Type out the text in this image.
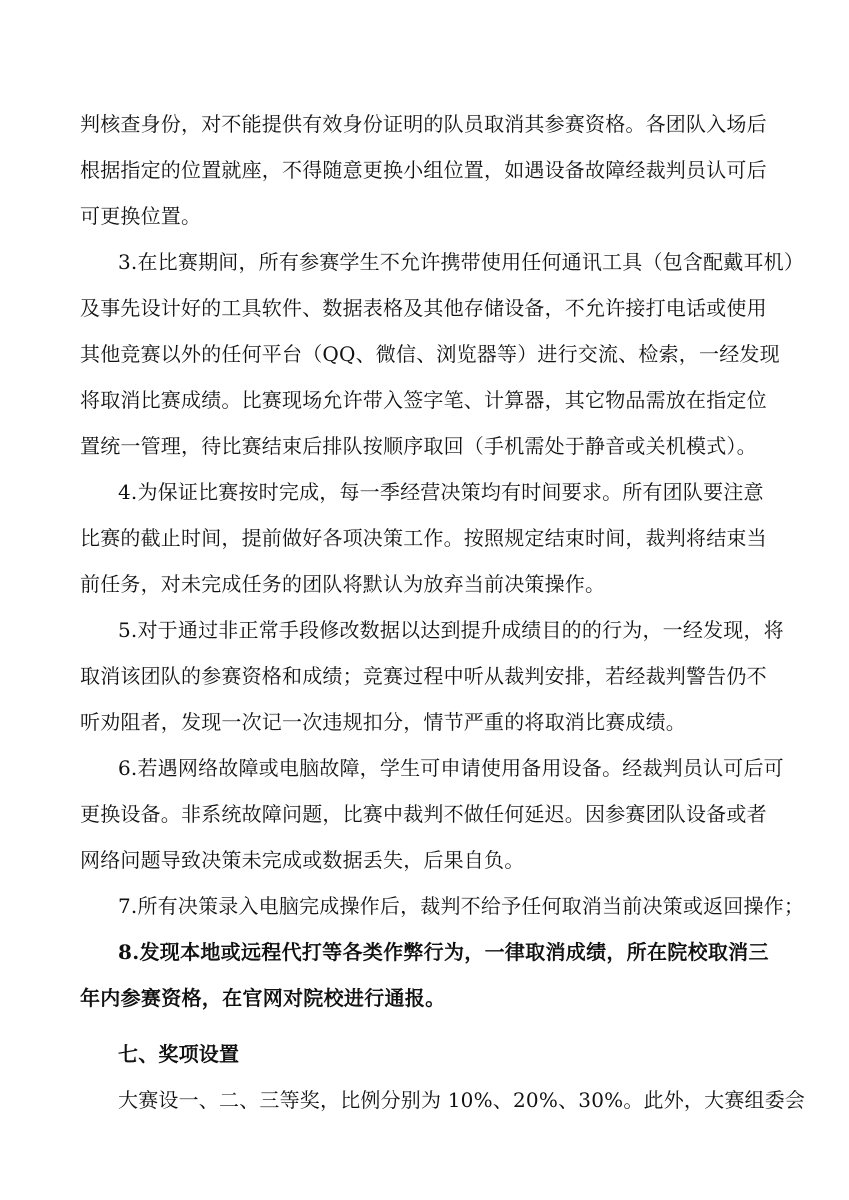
判核查身份，对不能提供有效身份证明的队员取消其参赛资格。各团队入场后
根据指定的位置就座，不得随意更换小组位置，如遇设备故障经裁判员认可后
可更换位置。
3.在比赛期间，所有参赛学生不允许携带使用任何通讯工具（包含配戴耳机）
及事先设计好的工具软件、数据表格及其他存储设备，不允许接打电话或使用
其他竞赛以外的任何平台（QQ、微信、浏览器等）进行交流、检索，一经发现
将取消比赛成绩。比赛现场允许带入签字笔、计算器，其它物品需放在指定位
置统一管理，待比赛结束后排队按顺序取回（手机需处于静音或关机模式）。
4.为保证比赛按时完成，每一季经营决策均有时间要求。所有团队要注意
比赛的截止时间，提前做好各项决策工作。按照规定结束时间，裁判将结束当
前任务，对未完成任务的团队将默认为放弃当前决策操作。
5.对于通过非正常手段修改数据以达到提升成绩目的的行为，一经发现，将
取消该团队的参赛资格和成绩；竞赛过程中听从裁判安排，若经裁判警告仍不
听劝阻者，发现一次记一次违规扣分，情节严重的将取消比赛成绩。
6.若遇网络故障或电脑故障，学生可申请使用备用设备。经裁判员认可后可
更换设备。非系统故障问题，比赛中裁判不做任何延迟。因参赛团队设备或者
网络问题导致决策未完成或数据丢失，后果自负。
7.所有决策录入电脑完成操作后，裁判不给予任何取消当前决策或返回操作；
8.发现本地或远程代打等各类作弊行为，一律取消成绩，所在院校取消三
年内参赛资格，在官网对院校进行通报。
七、奖项设置
大赛设一、二、三等奖，比例分别为 10%、20%、30%。此外，大赛组委会
